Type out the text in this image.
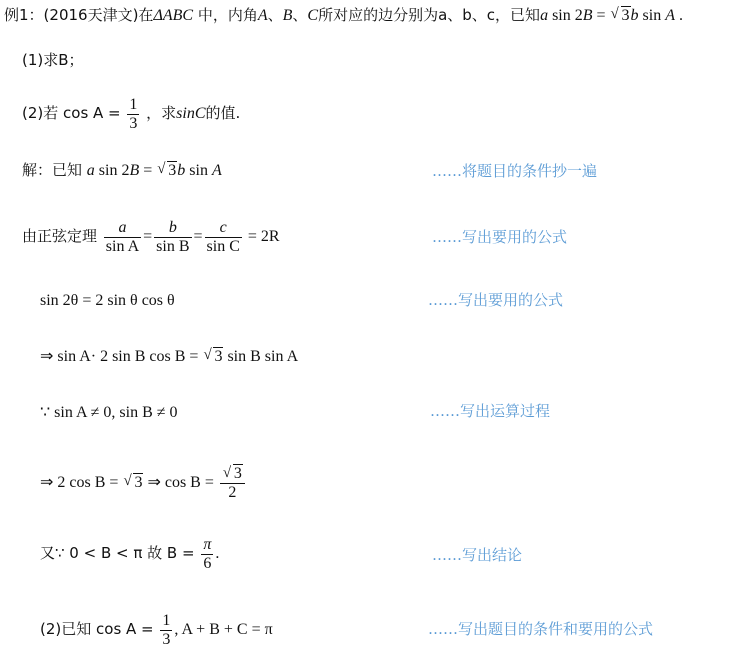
例1：(2016天津文)在ΔABC 中，内角A、B、C所对应的边分别为a、b、c，已知a sin 2B = √ 3b sin A .
(1)求B；
(2)若 $\cos A = \frac{1}{3}$ ，求sinC的值.
解：已知 a sin 2B = √ 3b sin A	……将题目的条件抄一遍
由正弦定理 $\frac{a}{\text{sin A}} = \frac{b}{\text{sin B}} = \frac{c}{\text{sin C}} = 2R$	……写出要用的公式
sin 2θ = 2 sin θ cos θ	……写出要用的公式
⇒ sin A· 2 sin B cos B = √ 3 sin B sin A
∵ sin A ≠ 0, sin B ≠ 0	……写出运算过程
⇒ 2 cos B = √ 3 ⇒ cos B =
√ $\frac{3}{2}$
又∵ 0 < B < π 故 $B = \frac{\pi}{6}$ .	……写出结论
(2)已知 $\cos A = \frac{1}{3}$ , A + B + C = π	……写出题目的条件和要用的公式
